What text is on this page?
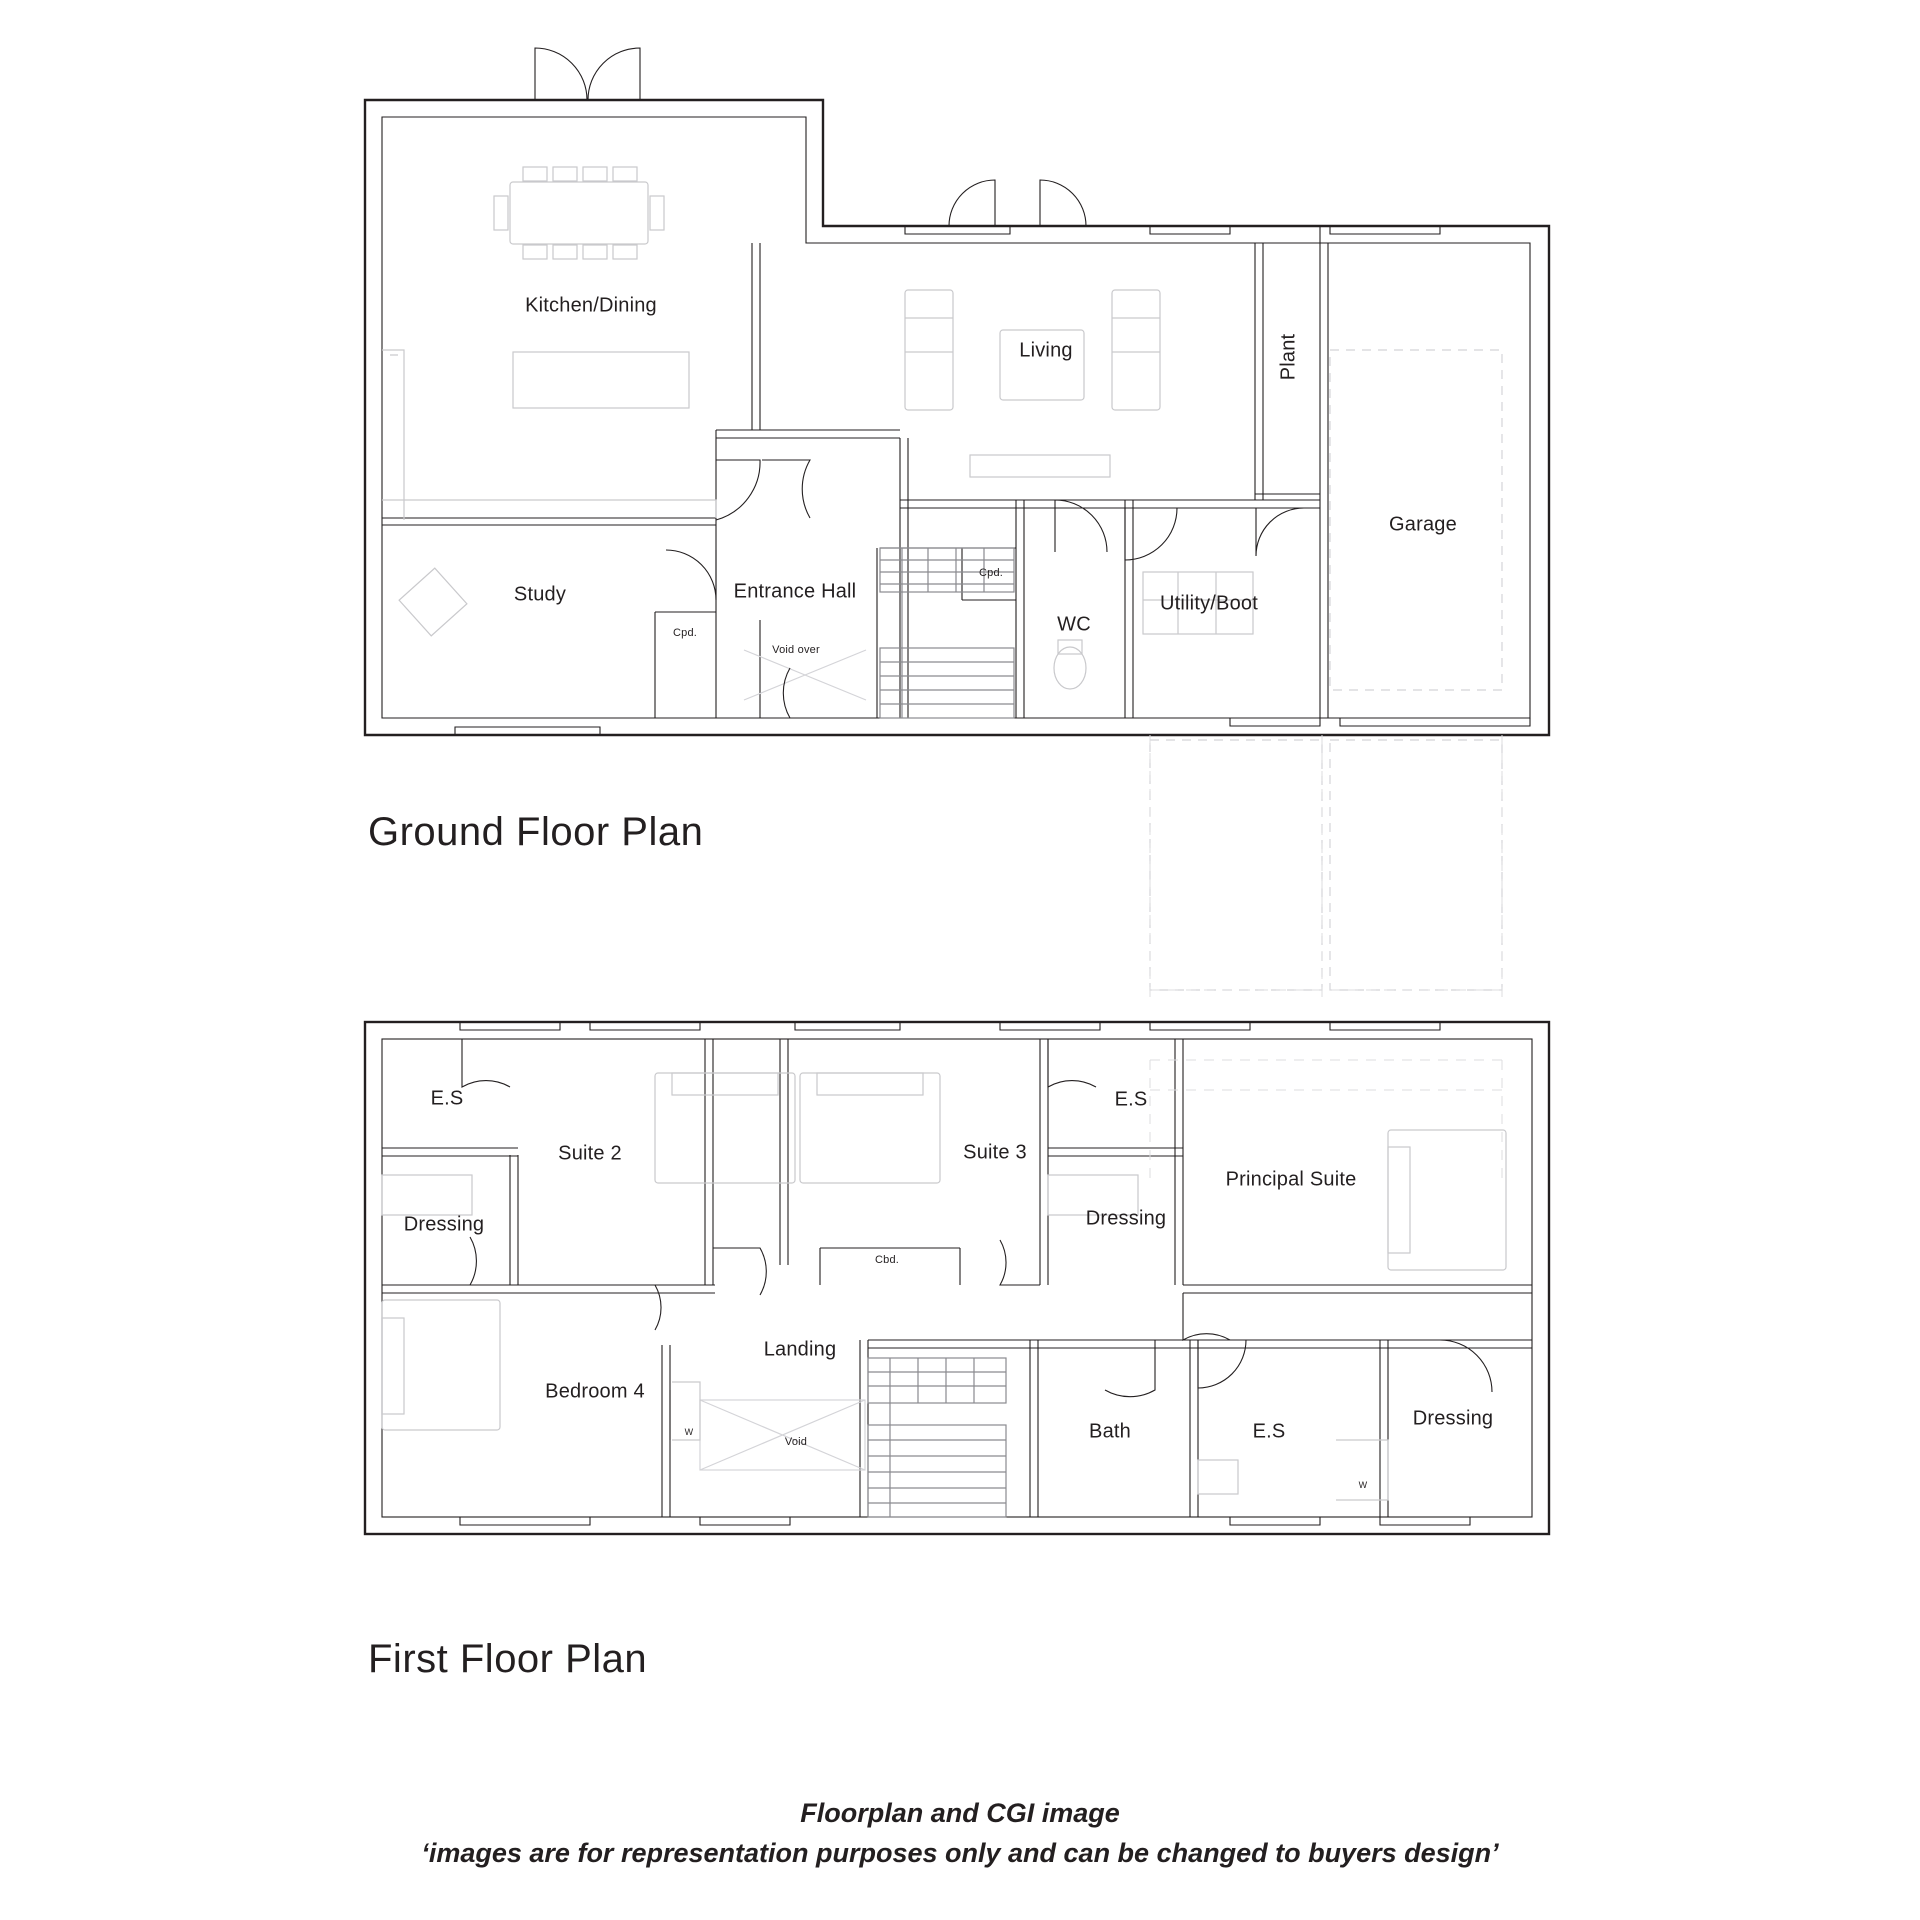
Kitchen/Dining
Living	Plant
Garage
Study	Entrance Hall
WC
Utility/Boot
Cpd.
Cpd.
Void over
Ground Floor Plan
E.S
Suite 2
Dressing
Suite 3
E.S
Dressing
Principal Suite
Cbd.
Landing
Bedroom 4
W
Void	Bath	E.S
Dressing
W
First Floor Plan
Floorplan and CGI image
‘images are for representation purposes only and can be changed to buyers design’
